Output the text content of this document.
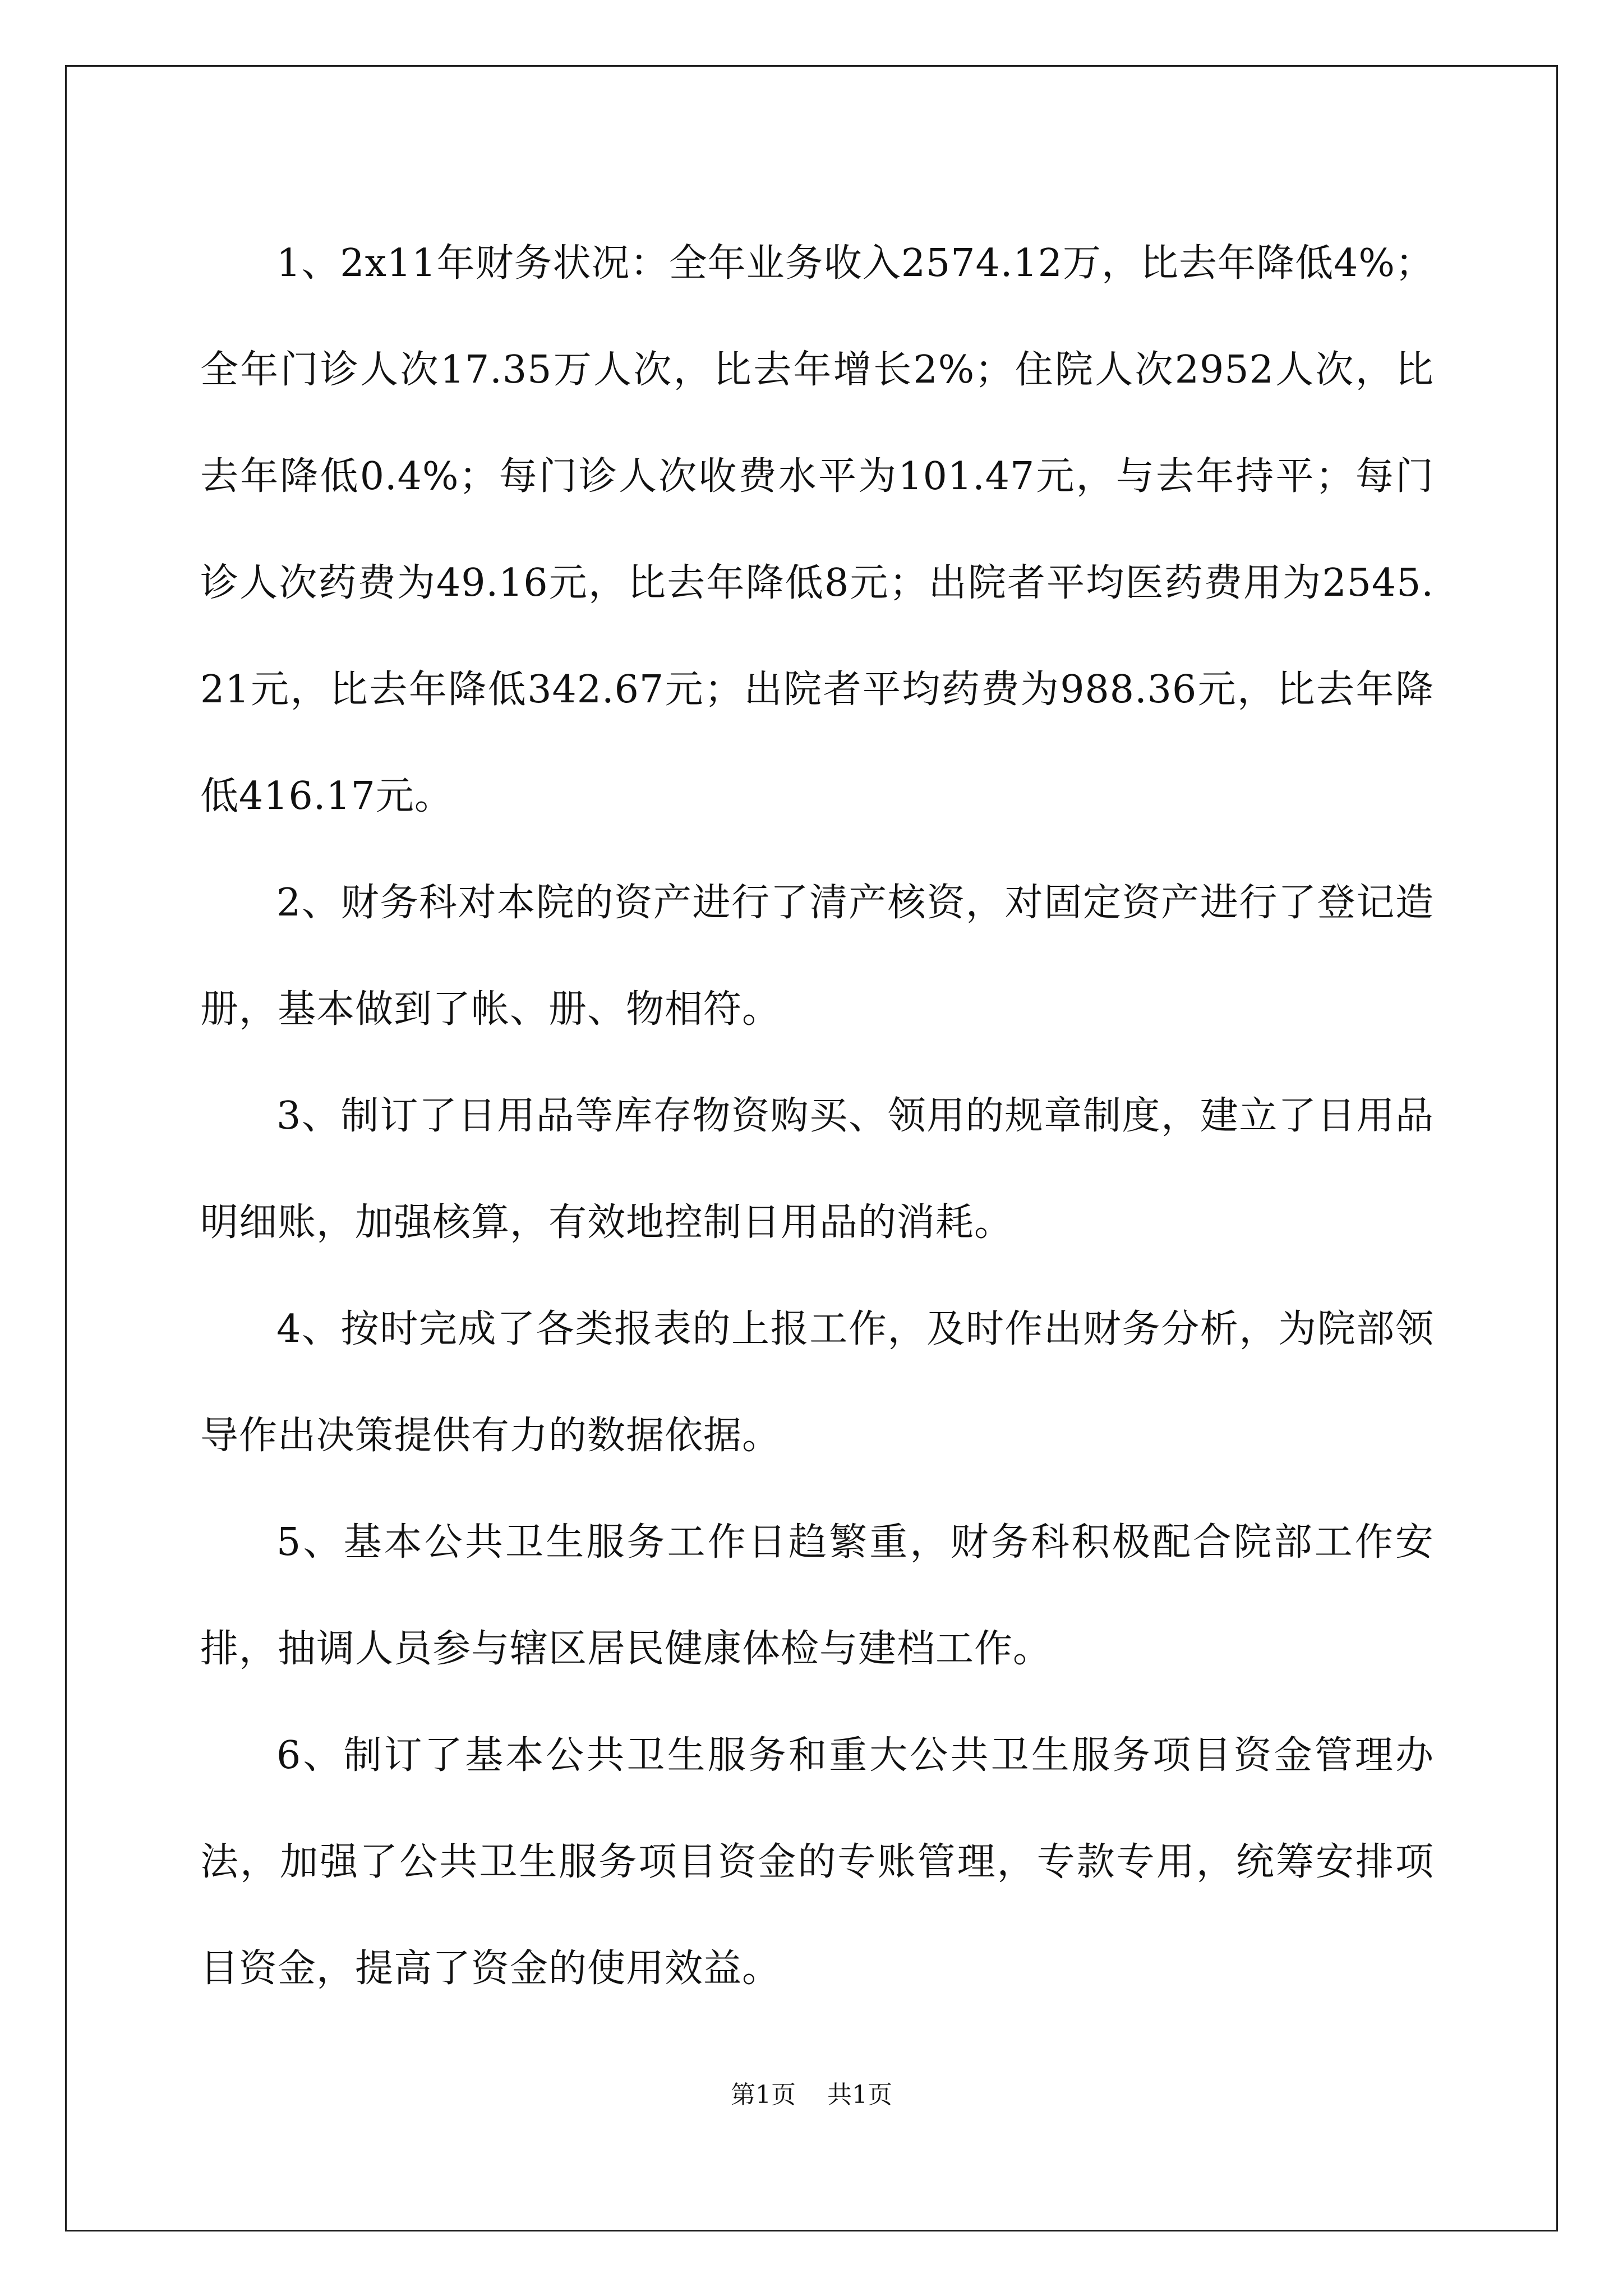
1、2x11年财务状况：全年业务收入2574.12万，比去年降低4%；全年门诊人次17.35万人次，比去年增长2%；住院人次2952人次，比去年降低0.4%；每门诊人次收费水平为101.47元，与去年持平；每门诊人次药费为49.16元，比去年降低8元；出院者平均医药费用为2545.21元，比去年降低342.67元；出院者平均药费为988.36元，比去年降低416.17元。

2、财务科对本院的资产进行了清产核资，对固定资产进行了登记造册，基本做到了帐、册、物相符。

3、制订了日用品等库存物资购买、领用的规章制度，建立了日用品明细账，加强核算，有效地控制日用品的消耗。

4、按时完成了各类报表的上报工作，及时作出财务分析，为院部领导作出决策提供有力的数据依据。

5、基本公共卫生服务工作日趋繁重，财务科积极配合院部工作安排，抽调人员参与辖区居民健康体检与建档工作。

6、制订了基本公共卫生服务和重大公共卫生服务项目资金管理办法，加强了公共卫生服务项目资金的专账管理，专款专用，统筹安排项目资金，提高了资金的使用效益。

第1页 共1页
